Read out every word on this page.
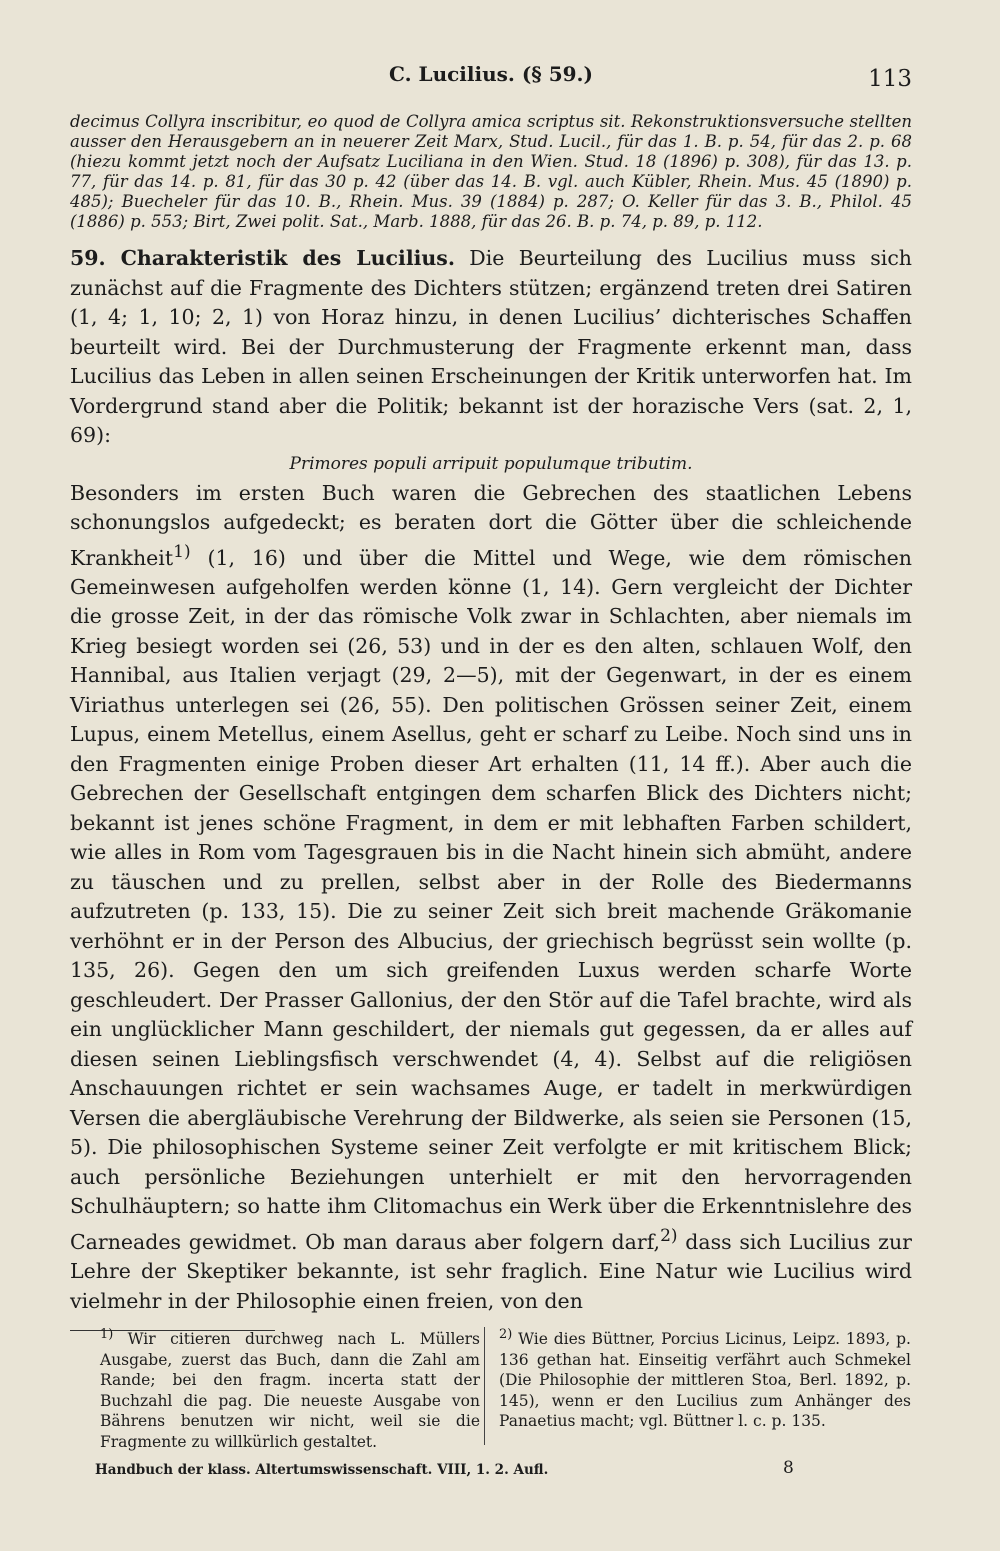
C. Lucilius. (§ 59.)	113

decimus Collyra inscribitur, eo quod de Collyra amica scriptus sit. Rekonstruktionsversuche stellten ausser den Herausgebern an in neuerer Zeit Marx, Stud. Lucil., für das 1. B. p. 54, für das 2. p. 68 (hiezu kommt jetzt noch der Aufsatz Luciliana in den Wien. Stud. 18 (1896) p. 308), für das 13. p. 77, für das 14. p. 81, für das 30 p. 42 (über das 14. B. vgl. auch Kübler, Rhein. Mus. 45 (1890) p. 485); Buecheler für das 10. B., Rhein. Mus. 39 (1884) p. 287; O. Keller für das 3. B., Philol. 45 (1886) p. 553; Birt, Zwei polit. Sat., Marb. 1888, für das 26. B. p. 74, p. 89, p. 112.

59. Charakteristik des Lucilius. Die Beurteilung des Lucilius muss sich zunächst auf die Fragmente des Dichters stützen; ergänzend treten drei Satiren (1, 4; 1, 10; 2, 1) von Horaz hinzu, in denen Lucilius’ dichterisches Schaffen beurteilt wird. Bei der Durchmusterung der Fragmente erkennt man, dass Lucilius das Leben in allen seinen Erscheinungen der Kritik unterworfen hat. Im Vordergrund stand aber die Politik; bekannt ist der horazische Vers (sat. 2, 1, 69):

Primores populi arripuit populumque tributim.

Besonders im ersten Buch waren die Gebrechen des staatlichen Lebens schonungslos aufgedeckt; es beraten dort die Götter über die schleichende Krankheit$^{1)}$ (1, 16) und über die Mittel und Wege, wie dem römischen Gemeinwesen aufgeholfen werden könne (1, 14). Gern vergleicht der Dichter die grosse Zeit, in der das römische Volk zwar in Schlachten, aber niemals im Krieg besiegt worden sei (26, 53) und in der es den alten, schlauen Wolf, den Hannibal, aus Italien verjagt (29, 2—5), mit der Gegenwart, in der es einem Viriathus unterlegen sei (26, 55). Den politischen Grössen seiner Zeit, einem Lupus, einem Metellus, einem Asellus, geht er scharf zu Leibe. Noch sind uns in den Fragmenten einige Proben dieser Art erhalten (11, 14 ff.). Aber auch die Gebrechen der Gesellschaft entgingen dem scharfen Blick des Dichters nicht; bekannt ist jenes schöne Fragment, in dem er mit lebhaften Farben schildert, wie alles in Rom vom Tagesgrauen bis in die Nacht hinein sich abmüht, andere zu täuschen und zu prellen, selbst aber in der Rolle des Biedermanns aufzutreten (p. 133, 15). Die zu seiner Zeit sich breit machende Gräkomanie verhöhnt er in der Person des Albucius, der griechisch begrüsst sein wollte (p. 135, 26). Gegen den um sich greifenden Luxus werden scharfe Worte geschleudert. Der Prasser Gallonius, der den Stör auf die Tafel brachte, wird als ein unglücklicher Mann geschildert, der niemals gut gegessen, da er alles auf diesen seinen Lieblingsfisch verschwendet (4, 4). Selbst auf die religiösen Anschauungen richtet er sein wachsames Auge, er tadelt in merkwürdigen Versen die abergläubische Verehrung der Bildwerke, als seien sie Personen (15, 5). Die philosophischen Systeme seiner Zeit verfolgte er mit kritischem Blick; auch persönliche Beziehungen unterhielt er mit den hervorragenden Schulhäuptern; so hatte ihm Clitomachus ein Werk über die Erkenntnislehre des Carneades gewidmet. Ob man daraus aber folgern darf,$^{2)}$ dass sich Lucilius zur Lehre der Skeptiker bekannte, ist sehr fraglich. Eine Natur wie Lucilius wird vielmehr in der Philosophie einen freien, von den

$^{1)}$ Wir citieren durchweg nach L. Müllers Ausgabe, zuerst das Buch, dann die Zahl am Rande; bei den fragm. incerta statt der Buchzahl die pag. Die neueste Ausgabe von Bährens benutzen wir nicht, weil sie die Fragmente zu willkürlich gestaltet.
$^{2)}$ Wie dies Büttner, Porcius Licinus, Leipz. 1893, p. 136 gethan hat. Einseitig verfährt auch Schmekel (Die Philosophie der mittleren Stoa, Berl. 1892, p. 145), wenn er den Lucilius zum Anhänger des Panaetius macht; vgl. Büttner l. c. p. 135.
Handbuch der klass. Altertumswissenschaft. VIII, 1. 2. Aufl.	8
